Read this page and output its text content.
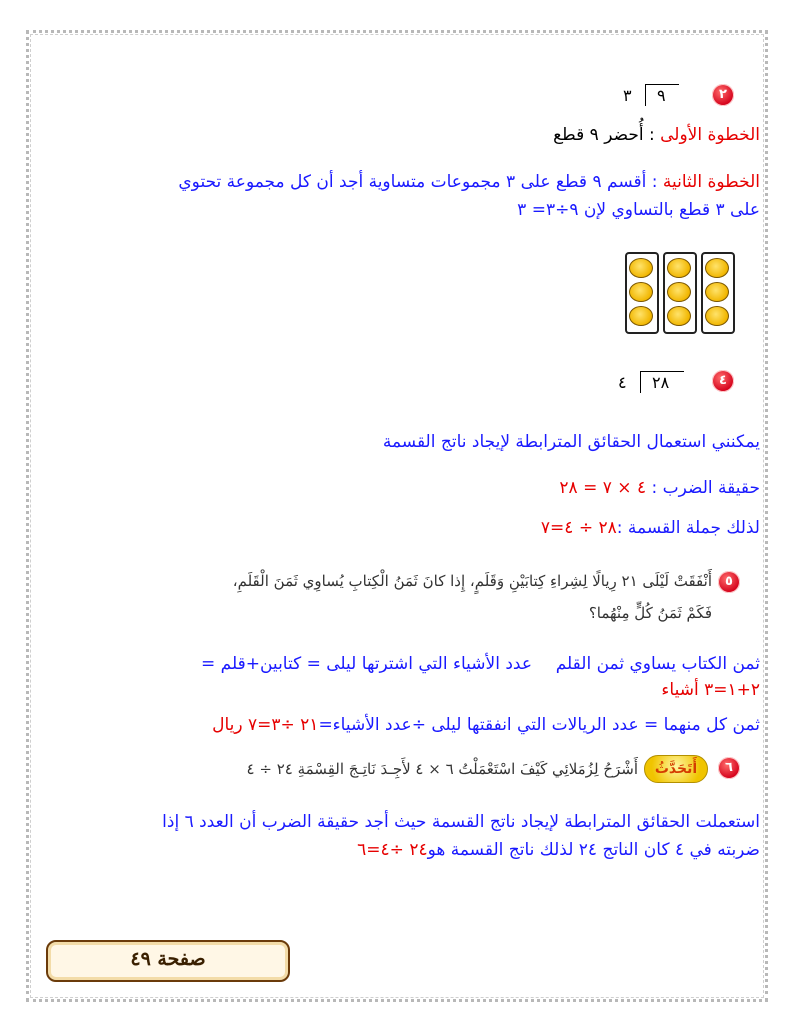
٢
٣ ٩
الخطوة الأولى : أُحضر ٩ قطع
الخطوة الثانية : أقسم ٩ قطع على ٣ مجموعات متساوية أجد أن كل مجموعة تحتوي
على ٣ قطع بالتساوي لإن ٩÷٣= ٣
٤
٤ ٢٨
يمكنني استعمال الحقائق المترابطة لإيجاد ناتج القسمة
حقيقة الضرب : ٤ × ٧ = ٢٨
لذلك جملة القسمة :٢٨ ÷ ٤=٧
٥
أَنْفَقَتْ لَيْلَى ٢١ رِيالًا لِشِراءِ كِتابَيْنِ وَقَلَمٍ، إِذا كانَ ثَمَنُ الْكِتابِ يُساوِي ثَمَنَ الْقَلَمِ،
فَكَمْ ثَمَنُ كُلٍّ مِنْهُما؟
ثمن الكتاب يساوي ثمن القلم
عدد الأشياء التي اشترتها ليلى = كتابين+قلم =
٢+١=٣ أشياء
ثمن كل منهما = عدد الريالات التي انفقتها ليلى ÷عدد الأشياء=٢١ ÷٣=٧ ريال
٦
أَتَحَدَّثُ
أَشْرَحُ لِزُمَلائِي كَيْفَ اسْتَعْمَلْتُ ٦ × ٤ لأَجِـدَ نَاتِـجَ القِسْمَةِ ٢٤ ÷ ٤
استعملت الحقائق المترابطة لإيجاد ناتج القسمة حيث أجد حقيقة الضرب أن العدد ٦ إذا
ضربته في ٤ كان الناتج ٢٤ لذلك ناتج القسمة هو٢٤ ÷٤=٦
صفحة ٤٩
